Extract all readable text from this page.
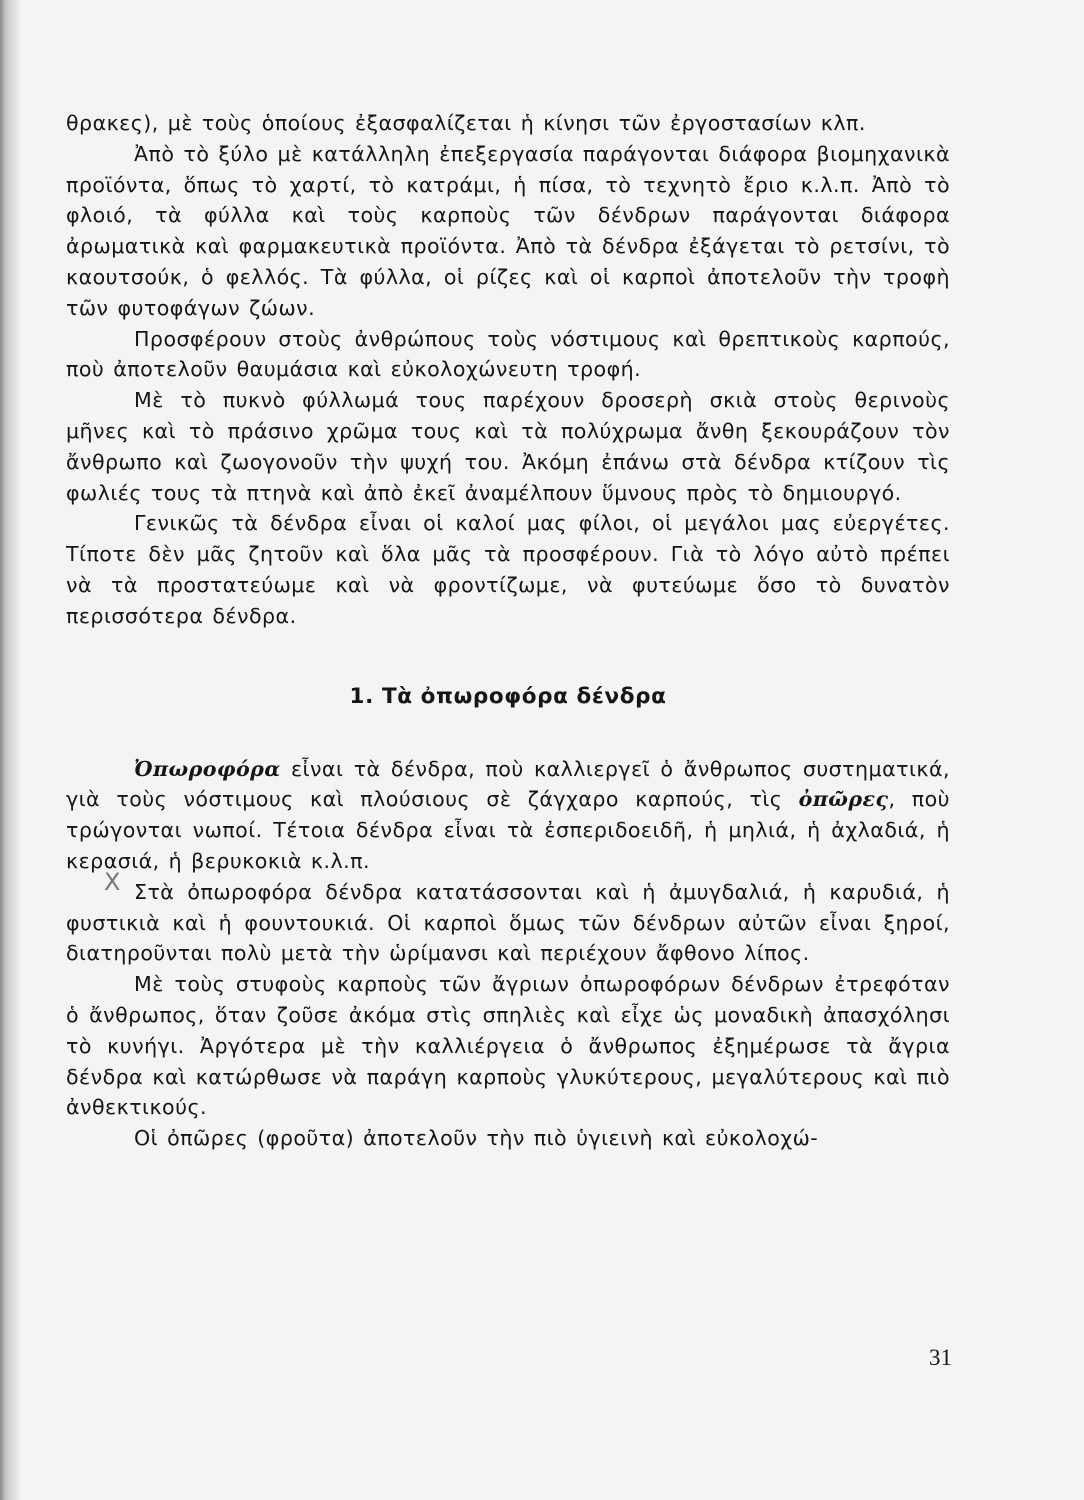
θρακες), μὲ τοὺς ὁποίους ἐξασφαλίζεται ἡ κίνησι τῶν ἐργοστασίων κλπ.

Ἀπὸ τὸ ξύλο μὲ κατάλληλη ἐπεξεργασία παράγονται διάφορα βιομηχανικὰ προϊόντα, ὅπως τὸ χαρτί, τὸ κατράμι, ἡ πίσα, τὸ τεχνητὸ ἔριο κ.λ.π. Ἀπὸ τὸ φλοιό, τὰ φύλλα καὶ τοὺς καρποὺς τῶν δένδρων παράγονται διάφορα ἀρωματικὰ καὶ φαρμακευτικὰ προϊόντα. Ἀπὸ τὰ δένδρα ἐξάγεται τὸ ρετσίνι, τὸ καουτσούκ, ὁ φελλός. Τὰ φύλλα, οἱ ρίζες καὶ οἱ καρποὶ ἀποτελοῦν τὴν τροφὴ τῶν φυτοφάγων ζώων.

Προσφέρουν στοὺς ἀνθρώπους τοὺς νόστιμους καὶ θρεπτικοὺς καρπούς, ποὺ ἀποτελοῦν θαυμάσια καὶ εὐκολοχώνευτη τροφή.

Μὲ τὸ πυκνὸ φύλλωμά τους παρέχουν δροσερὴ σκιὰ στοὺς θερινοὺς μῆνες καὶ τὸ πράσινο χρῶμα τους καὶ τὰ πολύχρωμα ἄνθη ξεκουράζουν τὸν ἄνθρωπο καὶ ζωογονοῦν τὴν ψυχή του. Ἀκόμη ἐπάνω στὰ δένδρα κτίζουν τὶς φωλιές τους τὰ πτηνὰ καὶ ἀπὸ ἐκεῖ ἀναμέλπουν ὕμνους πρὸς τὸ δημιουργό.

Γενικῶς τὰ δένδρα εἶναι οἱ καλοί μας φίλοι, οἱ μεγάλοι μας εὐεργέτες. Τίποτε δὲν μᾶς ζητοῦν καὶ ὅλα μᾶς τὰ προσφέρουν. Γιὰ τὸ λόγο αὐτὸ πρέπει νὰ τὰ προστατεύωμε καὶ νὰ φροντίζωμε, νὰ φυτεύωμε ὅσο τὸ δυνατὸν περισσότερα δένδρα.

1. Τὰ ὀπωροφόρα δένδρα

Ὀπωροφόρα εἶναι τὰ δένδρα, ποὺ καλλιεργεῖ ὁ ἄνθρωπος συστηματικά, γιὰ τοὺς νόστιμους καὶ πλούσιους σὲ ζάγχαρο καρπούς, τὶς ὀπῶρες, ποὺ τρώγονται νωποί. Τέτοια δένδρα εἶναι τὰ ἐσπεριδοειδῆ, ἡ μηλιά, ἡ ἀχλαδιά, ἡ κερασιά, ἡ βερυκοκιὰ κ.λ.π.

Στὰ ὀπωροφόρα δένδρα κατατάσσονται καὶ ἡ ἀμυγδαλιά, ἡ καρυδιά, ἡ φυστικιὰ καὶ ἡ φουντουκιά. Οἱ καρποὶ ὅμως τῶν δένδρων αὐτῶν εἶναι ξηροί, διατηροῦνται πολὺ μετὰ τὴν ὡρίμανσι καὶ περιέχουν ἄφθονο λίπος.

Μὲ τοὺς στυφοὺς καρποὺς τῶν ἄγριων ὀπωροφόρων δένδρων ἐτρεφόταν ὁ ἄνθρωπος, ὅταν ζοῦσε ἀκόμα στὶς σπηλιὲς καὶ εἶχε ὡς μοναδικὴ ἀπασχόλησι τὸ κυνήγι. Ἀργότερα μὲ τὴν καλλιέργεια ὁ ἄνθρωπος ἐξημέρωσε τὰ ἄγρια δένδρα καὶ κατώρθωσε νὰ παράγη καρποὺς γλυκύτερους, μεγαλύτερους καὶ πιὸ ἀνθεκτικούς.

Οἱ ὀπῶρες (φροῦτα) ἀποτελοῦν τὴν πιὸ ὑγιεινὴ καὶ εὐκολοχώ-

X
31
